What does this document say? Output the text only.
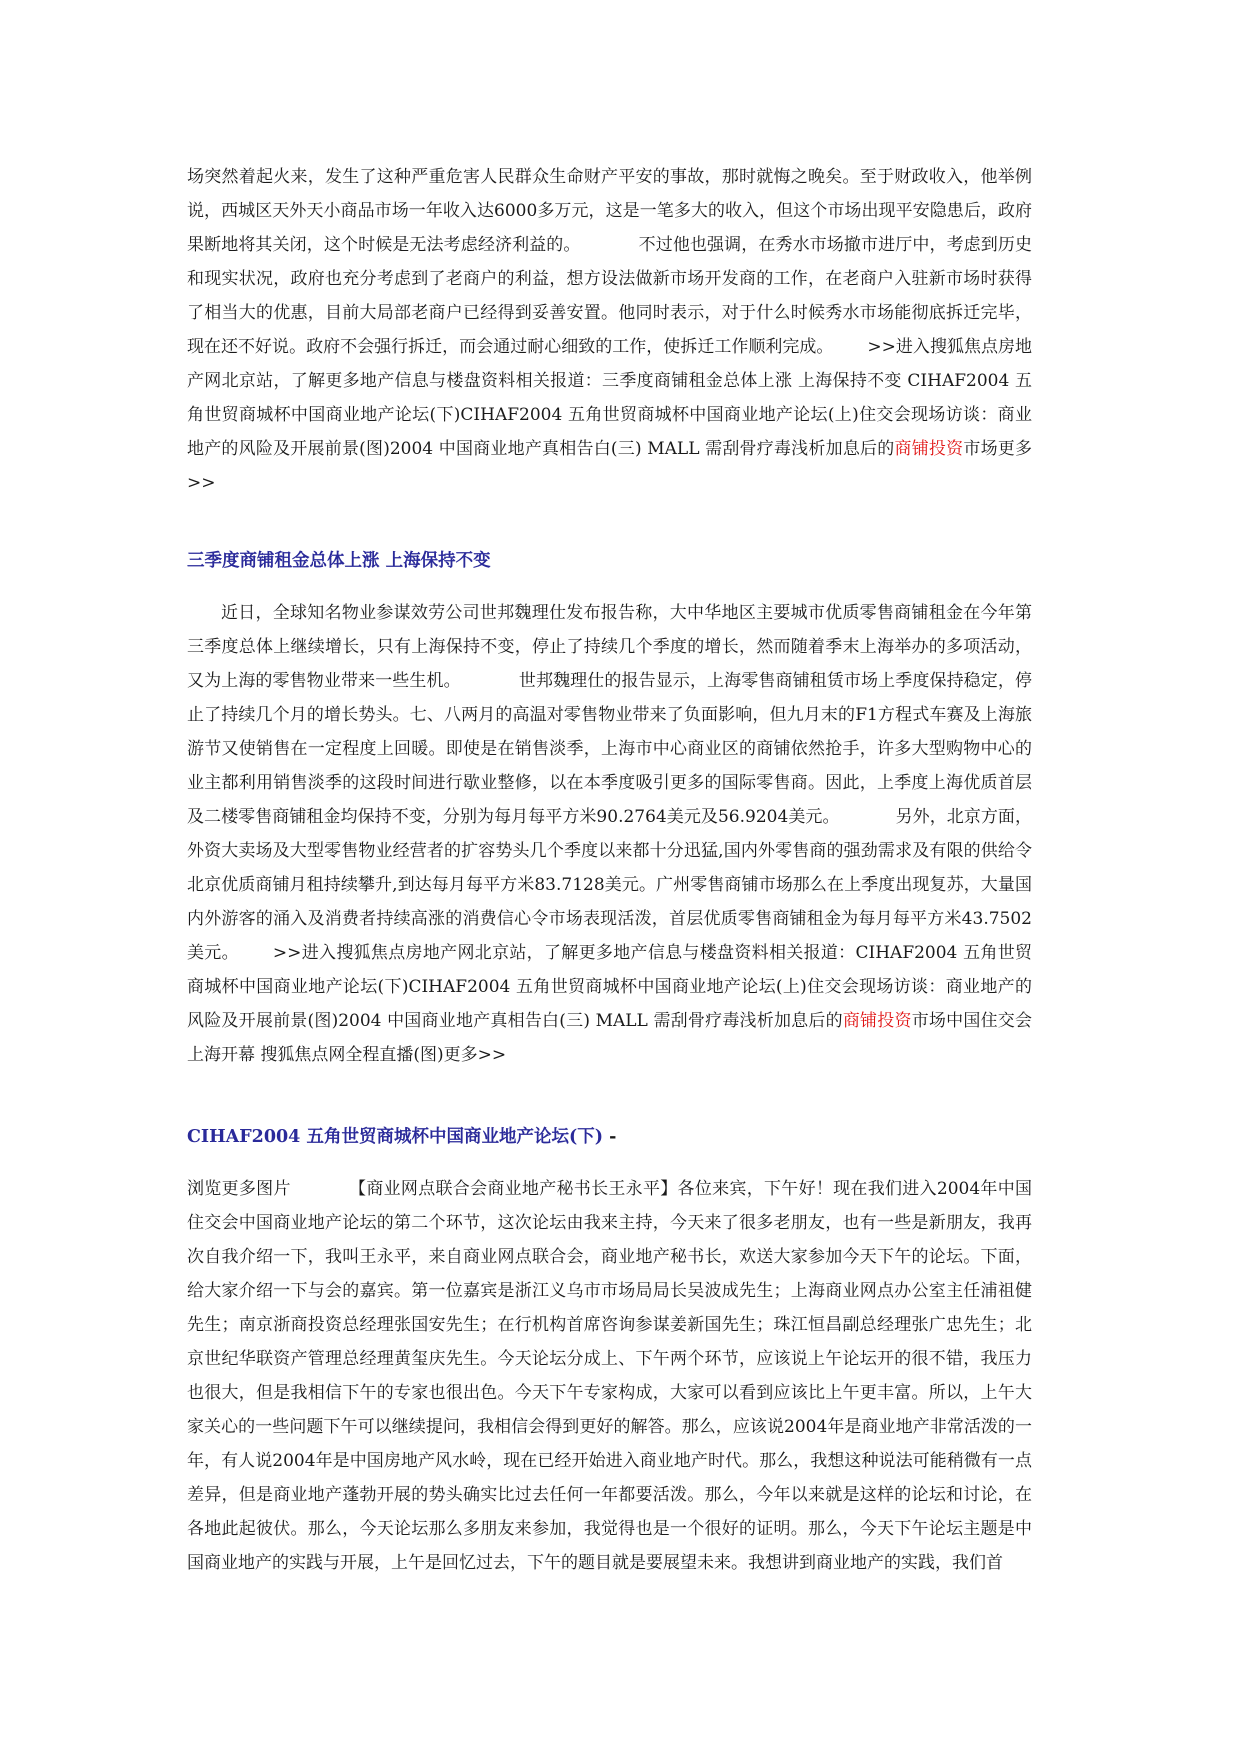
场突然着起火来，发生了这种严重危害人民群众生命财产平安的事故，那时就悔之晚矣。至于财政收入，他举例说，西城区天外天小商品市场一年收入达6000多万元，这是一笔多大的收入，但这个市场出现平安隐患后，政府果断地将其关闭，这个时候是无法考虑经济利益的。	不过他也强调，在秀水市场撤市进厅中，考虑到历史和现实状况，政府也充分考虑到了老商户的利益，想方设法做新市场开发商的工作，在老商户入驻新市场时获得了相当大的优惠，目前大局部老商户已经得到妥善安置。他同时表示，对于什么时候秀水市场能彻底拆迁完毕，现在还不好说。政府不会强行拆迁，而会通过耐心细致的工作，使拆迁工作顺利完成。 >>进入搜狐焦点房地产网北京站，了解更多地产信息与楼盘资料相关报道：三季度商铺租金总体上涨 上海保持不变 CIHAF2004 五角世贸商城杯中国商业地产论坛(下)CIHAF2004 五角世贸商城杯中国商业地产论坛(上)住交会现场访谈：商业地产的风险及开展前景(图)2004 中国商业地产真相告白(三) MALL 需刮骨疗毒浅析加息后的商铺投资市场更多>>

三季度商铺租金总体上涨 上海保持不变

近日，全球知名物业参谋效劳公司世邦魏理仕发布报告称，大中华地区主要城市优质零售商铺租金在今年第三季度总体上继续增长，只有上海保持不变，停止了持续几个季度的增长，然而随着季末上海举办的多项活动，又为上海的零售物业带来一些生机。	世邦魏理仕的报告显示，上海零售商铺租赁市场上季度保持稳定，停止了持续几个月的增长势头。七、八两月的高温对零售物业带来了负面影响，但九月末的F1方程式车赛及上海旅游节又使销售在一定程度上回暖。即使是在销售淡季，上海市中心商业区的商铺依然抢手，许多大型购物中心的业主都利用销售淡季的这段时间进行歇业整修，以在本季度吸引更多的国际零售商。因此，上季度上海优质首层及二楼零售商铺租金均保持不变，分别为每月每平方米90.2764美元及56.9204美元。	另外，北京方面，外资大卖场及大型零售物业经营者的扩容势头几个季度以来都十分迅猛,国内外零售商的强劲需求及有限的供给令北京优质商铺月租持续攀升,到达每月每平方米83.7128美元。广州零售商铺市场那么在上季度出现复苏，大量国内外游客的涌入及消费者持续高涨的消费信心令市场表现活泼，首层优质零售商铺租金为每月每平方米43.7502美元。 >>进入搜狐焦点房地产网北京站，了解更多地产信息与楼盘资料相关报道：CIHAF2004 五角世贸商城杯中国商业地产论坛(下)CIHAF2004 五角世贸商城杯中国商业地产论坛(上)住交会现场访谈：商业地产的风险及开展前景(图)2004 中国商业地产真相告白(三) MALL 需刮骨疗毒浅析加息后的商铺投资市场中国住交会上海开幕 搜狐焦点网全程直播(图)更多>>

CIHAF2004 五角世贸商城杯中国商业地产论坛(下) -

浏览更多图片	【商业网点联合会商业地产秘书长王永平】各位来宾，下午好！现在我们进入2004年中国住交会中国商业地产论坛的第二个环节，这次论坛由我来主持，今天来了很多老朋友，也有一些是新朋友，我再次自我介绍一下，我叫王永平，来自商业网点联合会，商业地产秘书长，欢送大家参加今天下午的论坛。下面，给大家介绍一下与会的嘉宾。第一位嘉宾是浙江义乌市市场局局长吴波成先生；上海商业网点办公室主任浦祖健先生；南京浙商投资总经理张国安先生；在行机构首席咨询参谋姜新国先生；珠江恒昌副总经理张广忠先生；北京世纪华联资产管理总经理黄玺庆先生。今天论坛分成上、下午两个环节，应该说上午论坛开的很不错，我压力也很大，但是我相信下午的专家也很出色。今天下午专家构成，大家可以看到应该比上午更丰富。所以，上午大家关心的一些问题下午可以继续提问，我相信会得到更好的解答。那么，应该说2004年是商业地产非常活泼的一年，有人说2004年是中国房地产风水岭，现在已经开始进入商业地产时代。那么，我想这种说法可能稍微有一点差异，但是商业地产蓬勃开展的势头确实比过去任何一年都要活泼。那么，今年以来就是这样的论坛和讨论，在各地此起彼伏。那么，今天论坛那么多朋友来参加，我觉得也是一个很好的证明。那么，今天下午论坛主题是中国商业地产的实践与开展，上午是回忆过去，下午的题目就是要展望未来。我想讲到商业地产的实践，我们首
